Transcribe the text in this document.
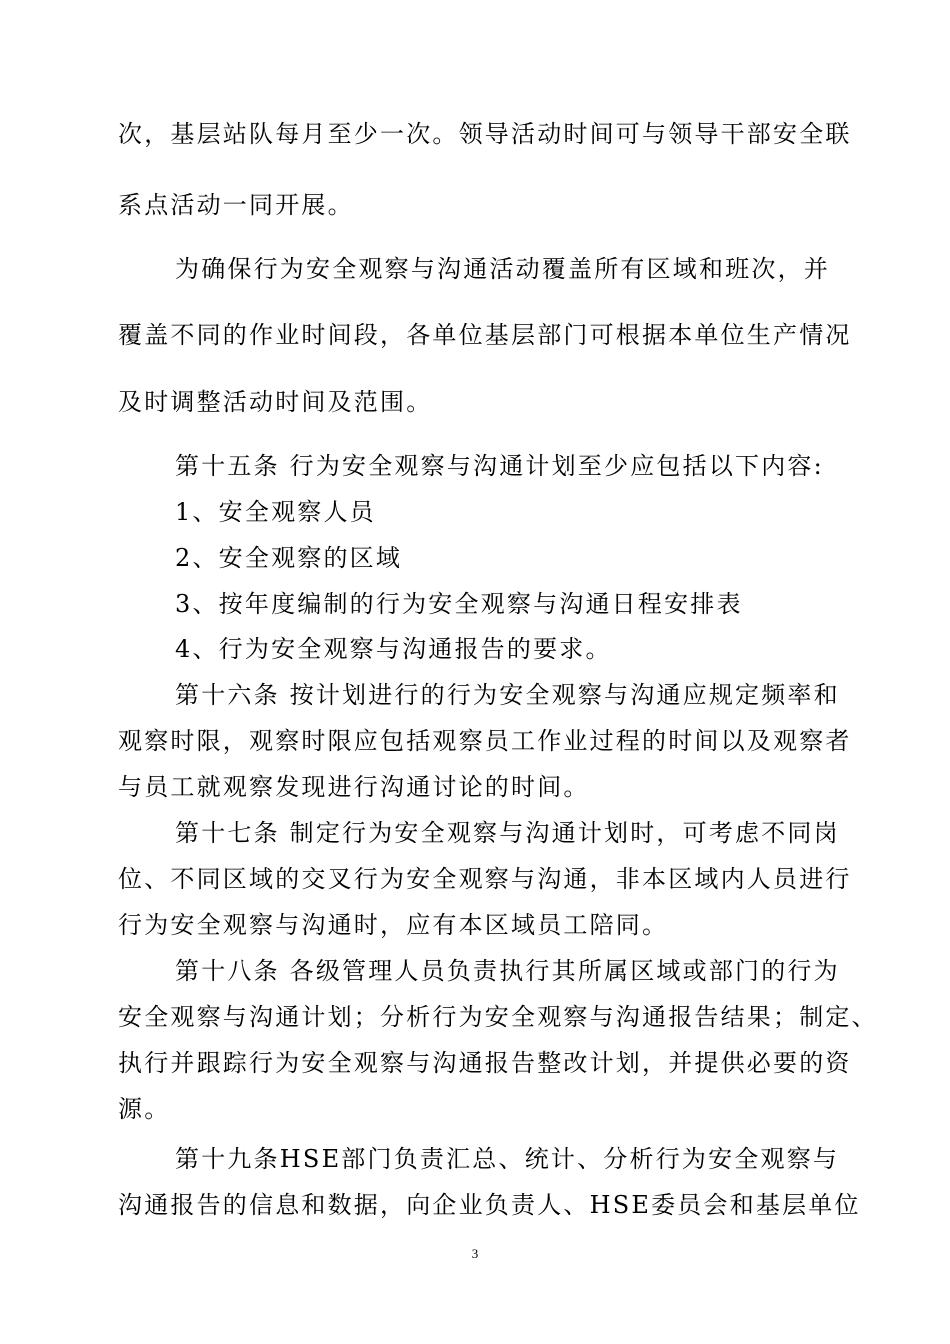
次，基层站队每月至少一次。领导活动时间可与领导干部安全联
系点活动一同开展。
为确保行为安全观察与沟通活动覆盖所有区域和班次，并
覆盖不同的作业时间段，各单位基层部门可根据本单位生产情况
及时调整活动时间及范围。
第十五条 行为安全观察与沟通计划至少应包括以下内容:
1、安全观察人员
2、安全观察的区域
3、按年度编制的行为安全观察与沟通日程安排表
4、行为安全观察与沟通报告的要求。
第十六条 按计划进行的行为安全观察与沟通应规定频率和
观察时限，观察时限应包括观察员工作业过程的时间以及观察者
与员工就观察发现进行沟通讨论的时间。
第十七条 制定行为安全观察与沟通计划时，可考虑不同岗
位、不同区域的交叉行为安全观察与沟通，非本区域内人员进行
行为安全观察与沟通时，应有本区域员工陪同。
第十八条 各级管理人员负责执行其所属区域或部门的行为
安全观察与沟通计划；分析行为安全观察与沟通报告结果；制定、
执行并跟踪行为安全观察与沟通报告整改计划，并提供必要的资
源。
第十九条HSE部门负责汇总、统计、分析行为安全观察与
沟通报告的信息和数据，向企业负责人、HSE委员会和基层单位
3
